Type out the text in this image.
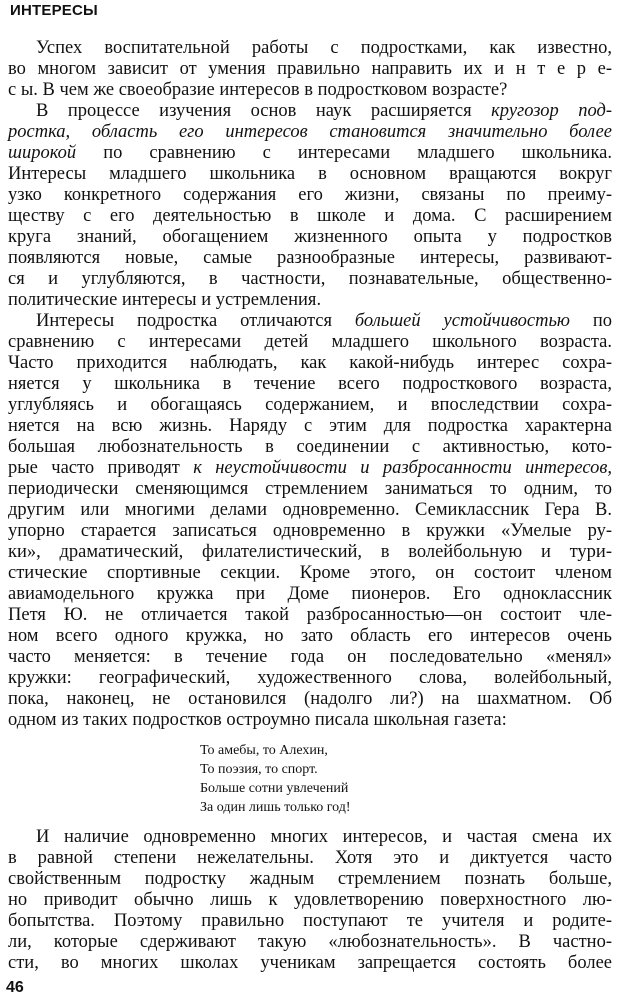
ИНТЕРЕСЫ
Успех воспитательной работы с подростками, как известно,
во многом зависит от умения правильно направить их и н т е р е-
с ы. В чем же своеобразие интересов в подростковом возрасте?
В процессе изучения основ наук расширяется кругозор под-
ростка, область его интересов становится значительно более
широкой по сравнению с интересами младшего школьника.
Интересы младшего школьника в основном вращаются вокруг
узко конкретного содержания его жизни, связаны по преиму-
ществу с его деятельностью в школе и дома. С расширением
круга знаний, обогащением жизненного опыта у подростков
появляются новые, самые разнообразные интересы, развивают-
ся и углубляются, в частности, познавательные, общественно-
политические интересы и устремления.
Интересы подростка отличаются большей устойчивостью по
сравнению с интересами детей младшего школьного возраста.
Часто приходится наблюдать, как какой-нибудь интерес сохра-
няется у школьника в течение всего подросткового возраста,
углубляясь и обогащаясь содержанием, и впоследствии сохра-
няется на всю жизнь. Наряду с этим для подростка характерна
большая любознательность в соединении с активностью, кото-
рые часто приводят к неустойчивости и разбросанности интересов,
периодически сменяющимся стремлением заниматься то одним, то
другим или многими делами одновременно. Семиклассник Гера В.
упорно старается записаться одновременно в кружки «Умелые ру-
ки», драматический, филателистический, в волейбольную и тури-
стические спортивные секции. Кроме этого, он состоит членом
авиамодельного кружка при Доме пионеров. Его одноклассник
Петя Ю. не отличается такой разбросанностью—он состоит чле-
ном всего одного кружка, но зато область его интересов очень
часто меняется: в течение года он последовательно «менял»
кружки: географический, художественного слова, волейбольный,
пока, наконец, не остановился (надолго ли?) на шахматном. Об
одном из таких подростков остроумно писала школьная газета:
То амебы, то Алехин,
То поэзия, то спорт.
Больше сотни увлечений
За один лишь только год!
И наличие одновременно многих интересов, и частая смена их
в равной степени нежелательны. Хотя это и диктуется часто
свойственным подростку жадным стремлением познать больше,
но приводит обычно лишь к удовлетворению поверхностного лю-
бопытства. Поэтому правильно поступают те учителя и родите-
ли, которые сдерживают такую «любознательность». В частно-
сти, во многих школах ученикам запрещается состоять более
46
